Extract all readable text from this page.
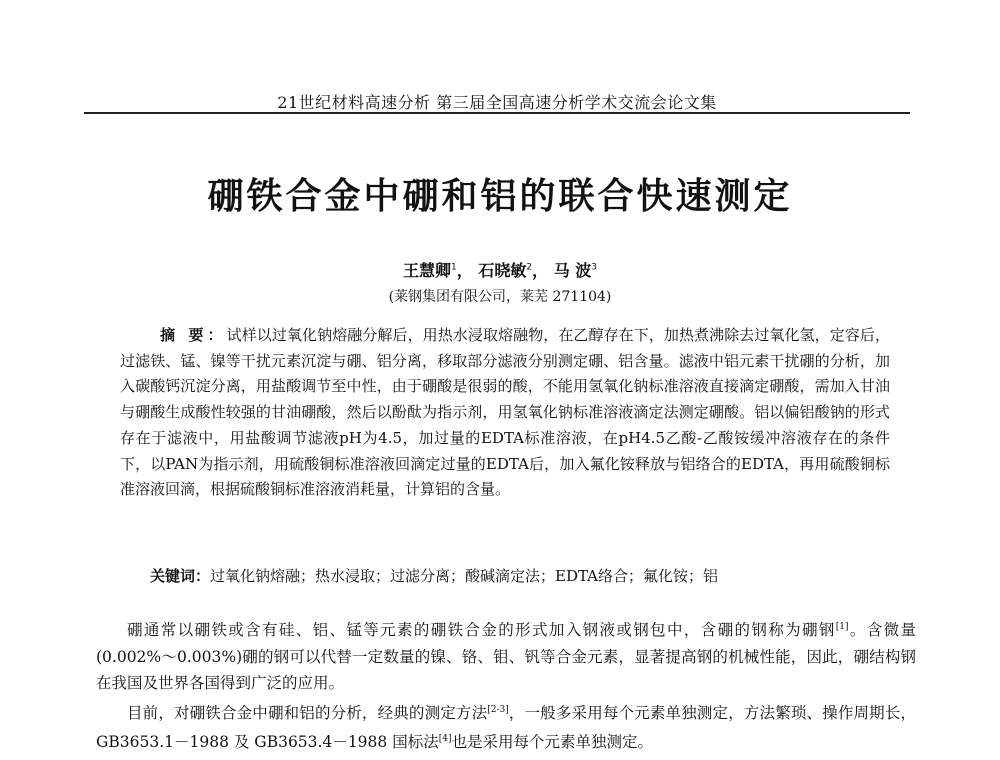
21世纪材料高速分析 第三届全国高速分析学术交流会论文集
硼铁合金中硼和铝的联合快速测定
王慧卿$^1$， 石晓敏$^2$， 马 波$^3$
(莱钢集团有限公司，莱芜 271104)
摘 要：试样以过氧化钠熔融分解后，用热水浸取熔融物，在乙醇存在下，加热煮沸除去过氧化氢，定容后，过滤铁、锰、镍等干扰元素沉淀与硼、铝分离，移取部分滤液分别测定硼、铝含量。滤液中铝元素干扰硼的分析，加入碳酸钙沉淀分离，用盐酸调节至中性，由于硼酸是很弱的酸，不能用氢氧化钠标准溶液直接滴定硼酸，需加入甘油与硼酸生成酸性较强的甘油硼酸，然后以酚酞为指示剂，用氢氧化钠标准溶液滴定法测定硼酸。铝以偏铝酸钠的形式存在于滤液中，用盐酸调节滤液pH为4.5，加过量的EDTA标准溶液，在pH4.5乙酸-乙酸铵缓冲溶液存在的条件下，以PAN为指示剂，用硫酸铜标准溶液回滴定过量的EDTA后，加入氟化铵释放与铝络合的EDTA，再用硫酸铜标准溶液回滴，根据硫酸铜标准溶液消耗量，计算铝的含量。
关键词：过氧化钠熔融；热水浸取；过滤分离；酸碱滴定法；EDTA络合；氟化铵；铝

硼通常以硼铁或含有硅、铝、锰等元素的硼铁合金的形式加入钢液或钢包中，含硼的钢称为硼钢[1]。含微量(0.002%～0.003%)硼的钢可以代替一定数量的镍、铬、钼、钒等合金元素，显著提高钢的机械性能，因此，硼结构钢在我国及世界各国得到广泛的应用。

目前，对硼铁合金中硼和铝的分析，经典的测定方法[2-3]，一般多采用每个元素单独测定，方法繁琐、操作周期长，GB3653.1－1988 及 GB3653.4－1988 国标法[4]也是采用每个元素单独测定。
